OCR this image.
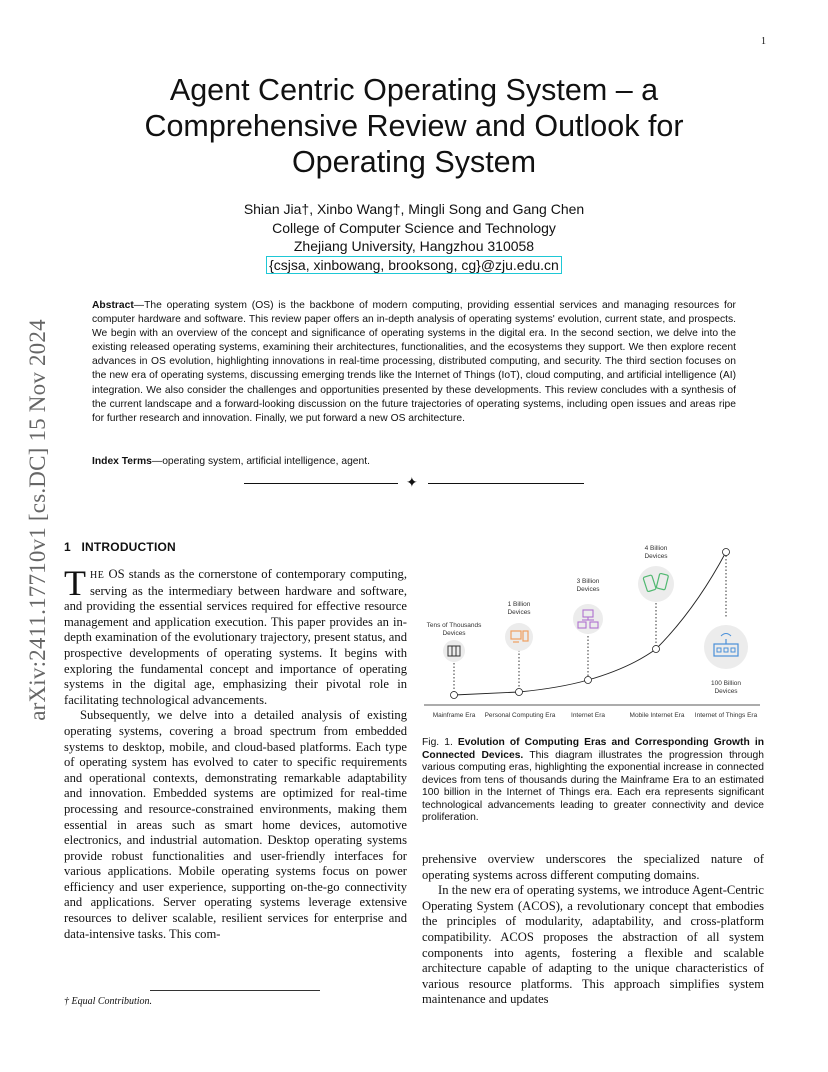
1
arXiv:2411.17710v1 [cs.DC] 15 Nov 2024
Agent Centric Operating System – a Comprehensive Review and Outlook for Operating System
Shian Jia†, Xinbo Wang†, Mingli Song and Gang Chen
College of Computer Science and Technology
Zhejiang University, Hangzhou 310058
{csjsa, xinbowang, brooksong, cg}@zju.edu.cn
Abstract—The operating system (OS) is the backbone of modern computing, providing essential services and managing resources for computer hardware and software. This review paper offers an in-depth analysis of operating systems' evolution, current state, and prospects. We begin with an overview of the concept and significance of operating systems in the digital era. In the second section, we delve into the existing released operating systems, examining their architectures, functionalities, and the ecosystems they support. We then explore recent advances in OS evolution, highlighting innovations in real-time processing, distributed computing, and security. The third section focuses on the new era of operating systems, discussing emerging trends like the Internet of Things (IoT), cloud computing, and artificial intelligence (AI) integration. We also consider the challenges and opportunities presented by these developments. This review concludes with a synthesis of the current landscape and a forward-looking discussion on the future trajectories of operating systems, including open issues and areas ripe for further research and innovation. Finally, we put forward a new OS architecture.
Index Terms—operating system, artificial intelligence, agent.
✦
1 INTRODUCTION

THE OS stands as the cornerstone of contemporary computing, serving as the intermediary between hardware and software, and providing the essential services required for effective resource management and application execution. This paper provides an in-depth examination of the evolutionary trajectory, present status, and prospective developments of operating systems. It begins with exploring the fundamental concept and importance of operating systems in the digital age, emphasizing their pivotal role in facilitating technological advancements.

Subsequently, we delve into a detailed analysis of existing operating systems, covering a broad spectrum from embedded systems to desktop, mobile, and cloud-based platforms. Each type of operating system has evolved to cater to specific requirements and operational contexts, demonstrating remarkable adaptability and innovation. Embedded systems are optimized for real-time processing and resource-constrained environments, making them essential in areas such as smart home devices, automotive electronics, and industrial automation. Desktop operating systems provide robust functionalities and user-friendly interfaces for various applications. Mobile operating systems focus on power efficiency and user experience, supporting on-the-go connectivity and applications. Server operating systems leverage extensive resources to deliver scalable, resilient services for enterprise and data-intensive tasks. This com-

† Equal Contribution.
Tens of Thousands
Devices
1 Billion
Devices
3 Billion
Devices
4 Billion
Devices
100 Billion
Devices
Mainframe Era Personal Computing Era Internet Era	Mobile Internet Era Internet of Things Era
Fig. 1. Evolution of Computing Eras and Corresponding Growth in Connected Devices. This diagram illustrates the progression through various computing eras, highlighting the exponential increase in connected devices from tens of thousands during the Mainframe Era to an estimated 100 billion in the Internet of Things era. Each era represents significant technological advancements leading to greater connectivity and device proliferation.

prehensive overview underscores the specialized nature of operating systems across different computing domains.

In the new era of operating systems, we introduce Agent-Centric Operating System (ACOS), a revolutionary concept that embodies the principles of modularity, adaptability, and cross-platform compatibility. ACOS proposes the abstraction of all system components into agents, fostering a flexible and scalable architecture capable of adapting to the unique characteristics of various resource platforms. This approach simplifies system maintenance and updates
